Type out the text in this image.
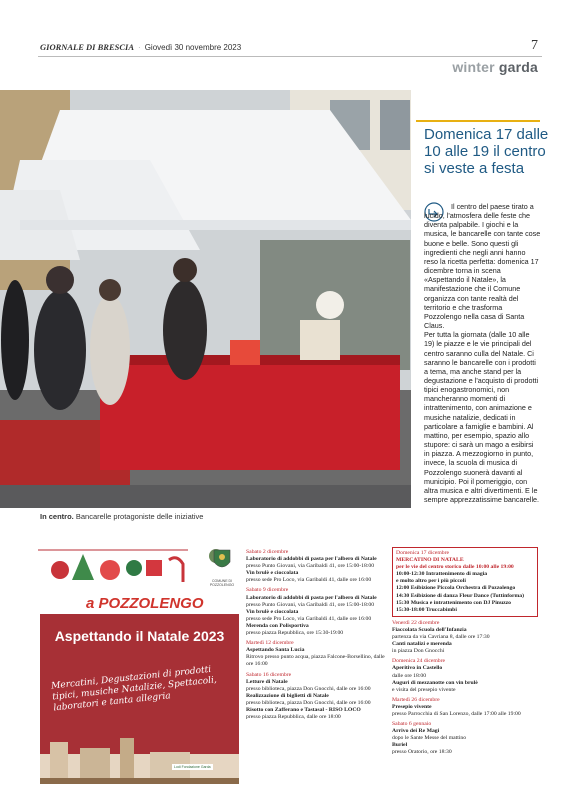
GIORNALE DI BRESCIA · Giovedì 30 novembre 2023	7
winter garda
In centro. Bancarelle protagoniste delle iniziative
Domenica 17 dalle 10 alle 19 il centro si veste a festa
Il centro del paese tirato a lucido, l'atmosfera delle feste che diventa palpabile. I giochi e la musica, le bancarelle con tante cose buone e belle. Sono questi gli ingredienti che negli anni hanno reso la ricetta perfetta: domenica 17 dicembre torna in scena «Aspettando il Natale», la manifestazione che il Comune organizza con tante realtà del territorio e che trasforma Pozzolengo nella casa di Santa Claus.
Per tutta la giornata (dalle 10 alle 19) le piazze e le vie principali del centro saranno culla del Natale. Ci saranno le bancarelle con i prodotti a tema, ma anche stand per la degustazione e l'acquisto di prodotti tipici enogastronomici, non mancheranno momenti di intrattenimento, con animazione e musiche natalizie, dedicati in particolare a famiglie e bambini. Al mattino, per esempio, spazio allo stupore: ci sarà un mago a esibirsi in piazza. A mezzogiorno in punto, invece, la scuola di musica di Pozzolengo suonerà davanti al municipio. Poi il pomeriggio, con altra musica e altri divertimenti. E le sempre apprezzatissime bancarelle.
COMUNE DI POZZOLENGO
a POZZOLENGO
Aspettando il Natale 2023
Mercatini, Degustazioni di prodotti tipici, musiche Natalizie, Spettacoli, laboratori e tanta allegria
Lodi Fondazione Garda
Sabato 2 dicembre
Laboratorio di addobbi di pasta per l'albero di Natale
presso Punto Giovani, via Garibaldi 41, ore 15:00-18:00
Vin brulè e cioccolata
presso sede Pro Loco, via Garibaldi 41, dalle ore 16:00
Sabato 9 dicembre
Laboratorio di addobbi di pasta per l'albero di Natale
presso Punto Giovani, via Garibaldi 41, ore 15:00-18:00
Vin brulè e cioccolata
presso sede Pro Loco, via Garibaldi 41, dalle ore 16:00
Merenda con Polisportiva
presso piazza Repubblica, ore 15:30-19:00
Martedì 12 dicembre
Aspettando Santa Lucia
Ritrovo presso punto acqua, piazza Falcone-Borsellino, dalle ore 16:00
Sabato 16 dicembre
Letture di Natale
presso biblioteca, piazza Don Gnocchi, dalle ore 16:00
Realizzazione di biglietti di Natale
presso biblioteca, piazza Don Gnocchi, dalle ore 16:00
Risotto con Zafferano e Tastasal - RISO LOCO
presso piazza Repubblica, dalle ore 18:00
Domenica 17 dicembre
MERCATINO DI NATALE
per le vie del centro storico dalle 10:00 alle 19:00
10:00-12:30 Intrattenimento di magia
e molto altro per i più piccoli
12:00 Esibizione Piccola Orchestra di Pozzolengo
14:30 Esibizione di danza Fleur Dance (Tuttinforma)
15:30 Musica e intrattenimento con DJ Pinuzzo
15:30-18:00 Truccabimbi
Venerdì 22 dicembre
Fiaccolata Scuola dell'Infanzia
partenza da via Cavriana 8, dalle ore 17:30
Canti natalizi e merenda
in piazza Don Gnocchi
Domenica 24 dicembre
Aperitivo in Castello
dalle ore 18:00
Auguri di mezzanotte con vin brulè
e visita del presepio vivente
Martedì 26 dicembre
Presepio vivente
presso Parrocchia di San Lorenzo, dalle 17:00 alle 19:00
Sabato 6 gennaio
Arrivo dei Re Magi
dopo le Sante Messe del mattino
Buriel
presso Oratorio, ore 18:30
